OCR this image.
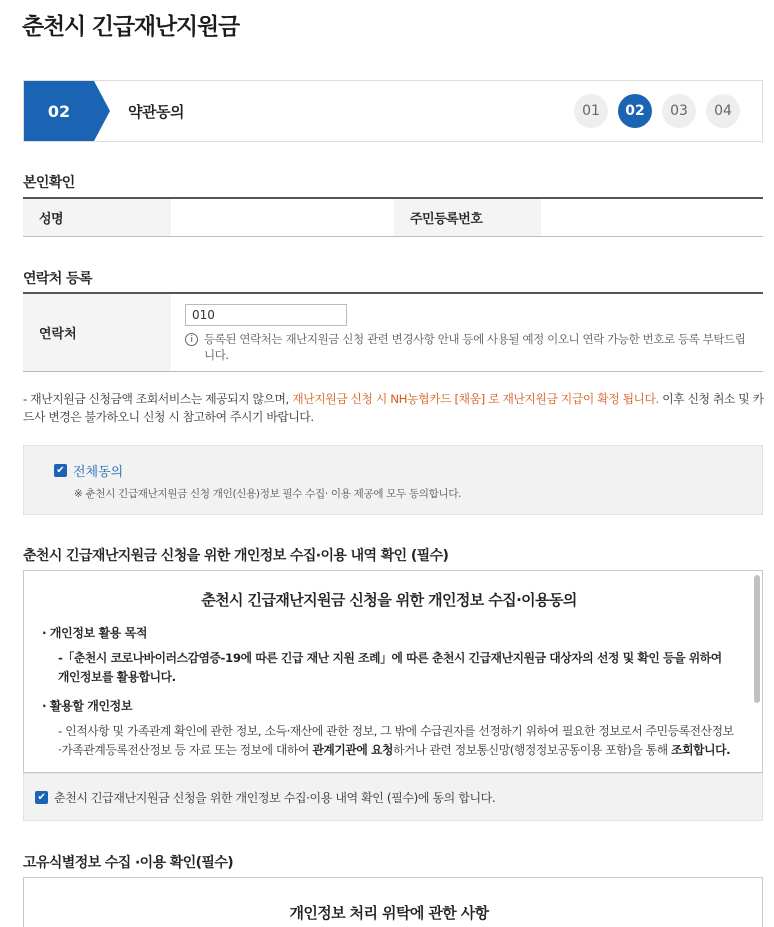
춘천시 긴급재난지원금
02	약관동의	01	02	03	04
본인확인
성명	주민등록번호
연락처 등록
연락처
010	i 등록된 연락처는 재난지원금 신청 관련 변경사항 안내 등에 사용될 예정 이오니 연락 가능한 번호로 등록 부탁드립니다.
- 재난지원금 신청금액 조회서비스는 제공되지 않으며, 재난지원금 신청 시 NH농협카드 [채움] 로 재난지원금 지급이 확정 됩니다. 이후 신청 취소 및 카드사 변경은 불가하오니 신청 시 참고하여 주시기 바랍니다.
✔ 전체동의
※ 춘천시 긴급재난지원금 신청 개인(신용)정보 필수 수집· 이용 제공에 모두 동의합니다.
춘천시 긴급재난지원금 신청을 위한 개인정보 수집·이용 내역 확인 (필수)
춘천시 긴급재난지원금 신청을 위한 개인정보 수집·이용동의
· 개인정보 활용 목적
-「춘천시 코로나바이러스감염증-19에 따른 긴급 재난 지원 조례」에 따른 춘천시 긴급재난지원금 대상자의 선정 및 확인 등을 위하여 개인정보를 활용합니다.
· 활용할 개인정보
- 인적사항 및 가족관계 확인에 관한 정보, 소득·재산에 관한 정보, 그 밖에 수급권자를 선정하기 위하여 필요한 정보로서 주민등록전산정보·가족관계등록전산정보 등 자료 또는 정보에 대하여 관계기관에 요청하거나 관련 정보통신망(행정정보공동이용 포함)을 통해 조회합니다.
✔ 춘천시 긴급재난지원금 신청을 위한 개인정보 수집·이용 내역 확인 (필수)에 동의 합니다.
고유식별정보 수집 ·이용 확인(필수)
개인정보 처리 위탁에 관한 사항
